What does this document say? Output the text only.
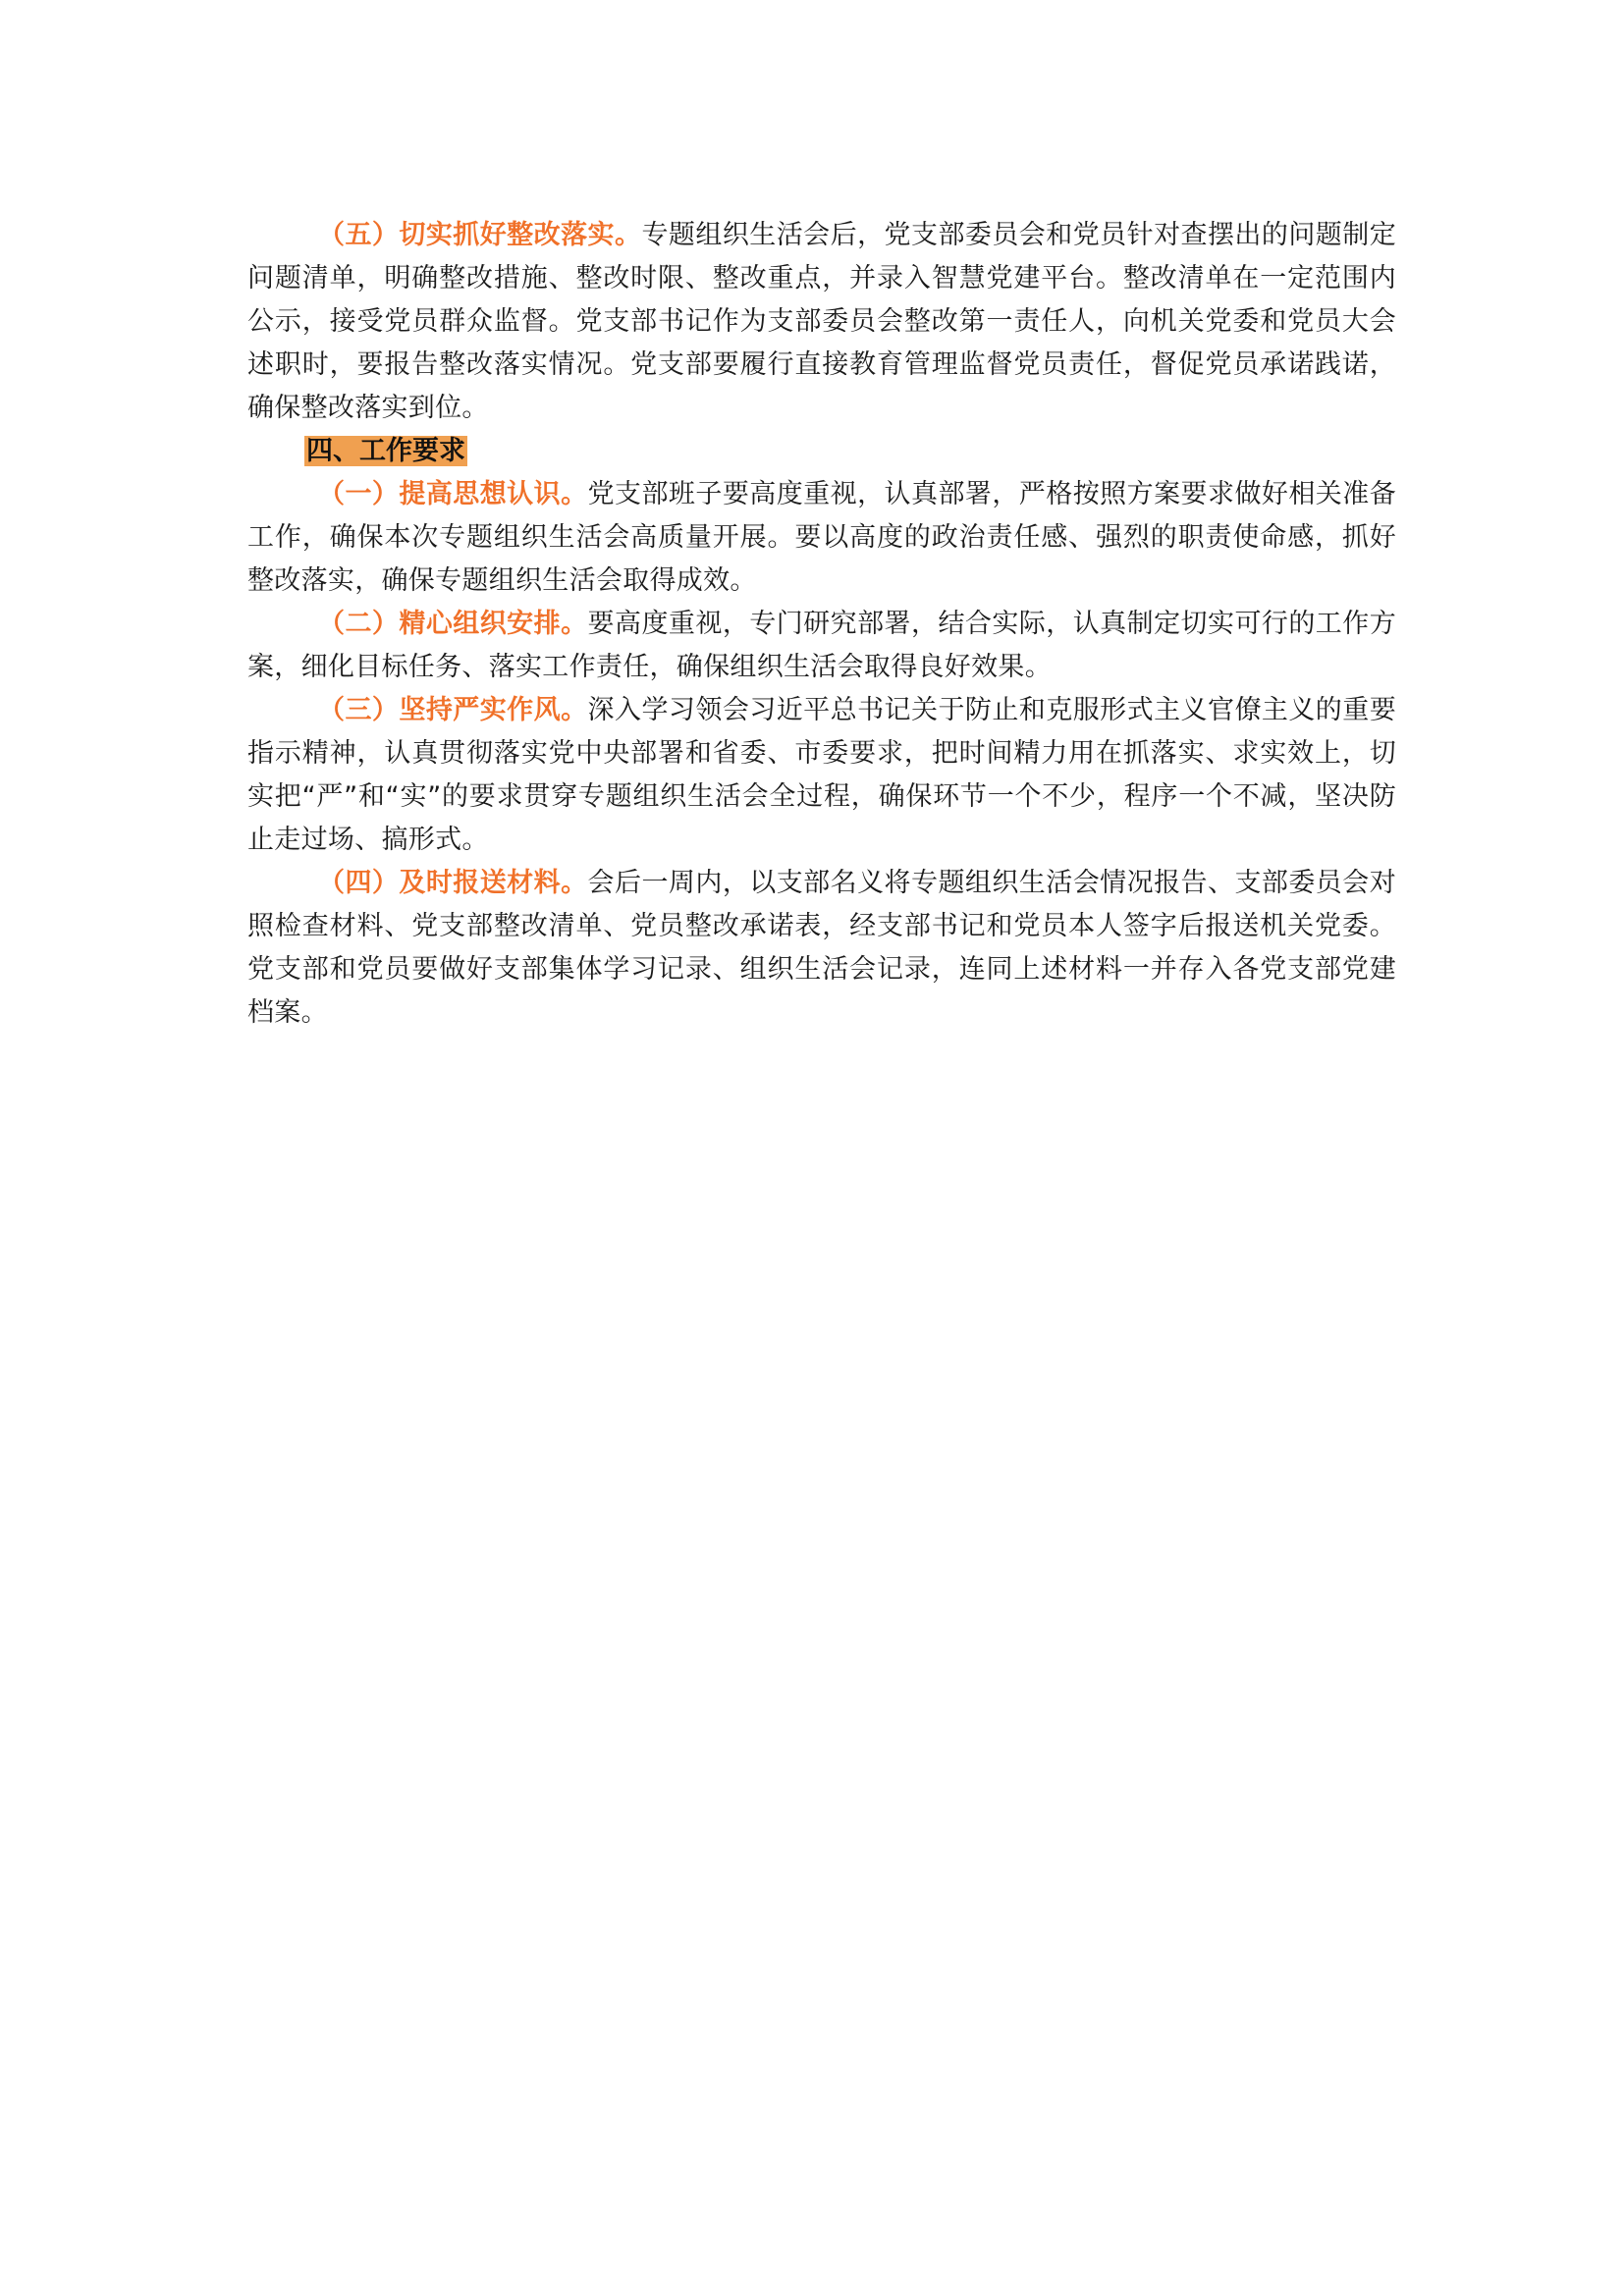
（五）切实抓好整改落实。专题组织生活会后，党支部委员会和党员针对查摆出的问题制定问题清单，明确整改措施、整改时限、整改重点，并录入智慧党建平台。整改清单在一定范围内公示，接受党员群众监督。党支部书记作为支部委员会整改第一责任人，向机关党委和党员大会述职时，要报告整改落实情况。党支部要履行直接教育管理监督党员责任，督促党员承诺践诺，确保整改落实到位。

四、工作要求

（一）提高思想认识。党支部班子要高度重视，认真部署，严格按照方案要求做好相关准备工作，确保本次专题组织生活会高质量开展。要以高度的政治责任感、强烈的职责使命感，抓好整改落实，确保专题组织生活会取得成效。

（二）精心组织安排。要高度重视，专门研究部署，结合实际，认真制定切实可行的工作方案，细化目标任务、落实工作责任，确保组织生活会取得良好效果。

（三）坚持严实作风。深入学习领会习近平总书记关于防止和克服形式主义官僚主义的重要指示精神，认真贯彻落实党中央部署和省委、市委要求，把时间精力用在抓落实、求实效上，切实把“严”和“实”的要求贯穿专题组织生活会全过程，确保环节一个不少，程序一个不减，坚决防止走过场、搞形式。

（四）及时报送材料。会后一周内，以支部名义将专题组织生活会情况报告、支部委员会对照检查材料、党支部整改清单、党员整改承诺表，经支部书记和党员本人签字后报送机关党委。党支部和党员要做好支部集体学习记录、组织生活会记录，连同上述材料一并存入各党支部党建档案。
